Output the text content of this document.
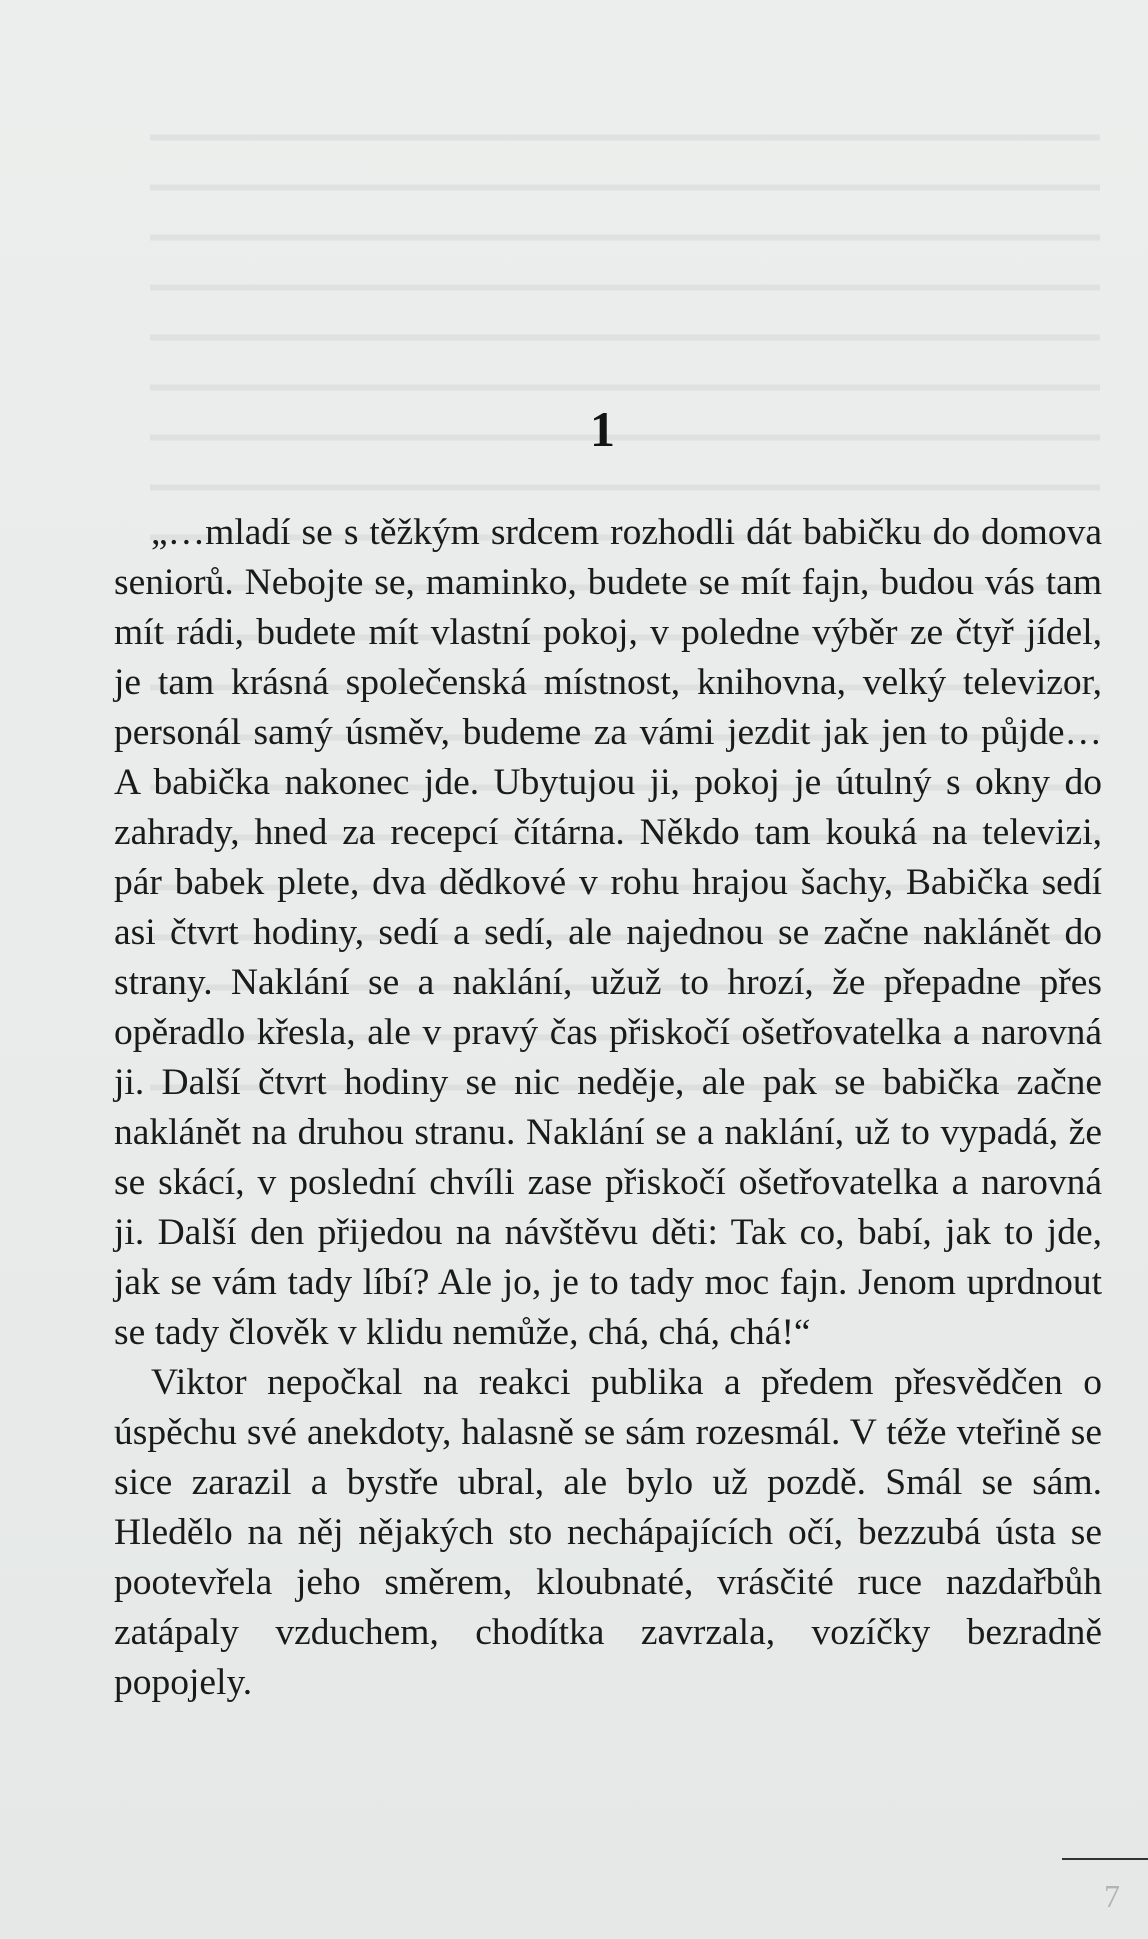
1

„…mladí se s těžkým srdcem rozhodli dát babičku do domova seniorů. Nebojte se, maminko, budete se mít fajn, budou vás tam mít rádi, budete mít vlastní pokoj, v poledne výběr ze čtyř jídel, je tam krásná společenská místnost, knihovna, velký televizor, personál samý úsměv, budeme za vámi jezdit jak jen to půjde… A babička nakonec jde. Ubytujou ji, pokoj je útulný s okny do zahrady, hned za recepcí čítárna. Někdo tam kouká na televizi, pár babek plete, dva dědkové v rohu hrajou šachy, Babička sedí asi čtvrt hodiny, sedí a sedí, ale najednou se začne naklánět do strany. Naklání se a naklání, užuž to hrozí, že přepadne přes opěradlo křesla, ale v pravý čas přiskočí ošetřovatelka a narovná ji. Další čtvrt hodiny se nic neděje, ale pak se babička začne naklánět na druhou stranu. Naklání se a naklání, už to vypadá, že se skácí, v poslední chvíli zase přiskočí ošetřovatelka a narovná ji. Další den přijedou na návštěvu děti: Tak co, babí, jak to jde, jak se vám tady líbí? Ale jo, je to tady moc fajn. Jenom uprdnout se tady člověk v klidu nemůže, chá, chá, chá!“

Viktor nepočkal na reakci publika a předem přesvědčen o úspěchu své anekdoty, halasně se sám rozesmál. V téže vteřině se sice zarazil a bystře ubral, ale bylo už pozdě. Smál se sám. Hledělo na něj nějakých sto nechápajících očí, bezzubá ústa se pootevřela jeho směrem, kloubnaté, vrásčité ruce nazdařbůh zatápaly vzduchem, chodítka zavrzala, vozíčky bezradně popojely.

7
